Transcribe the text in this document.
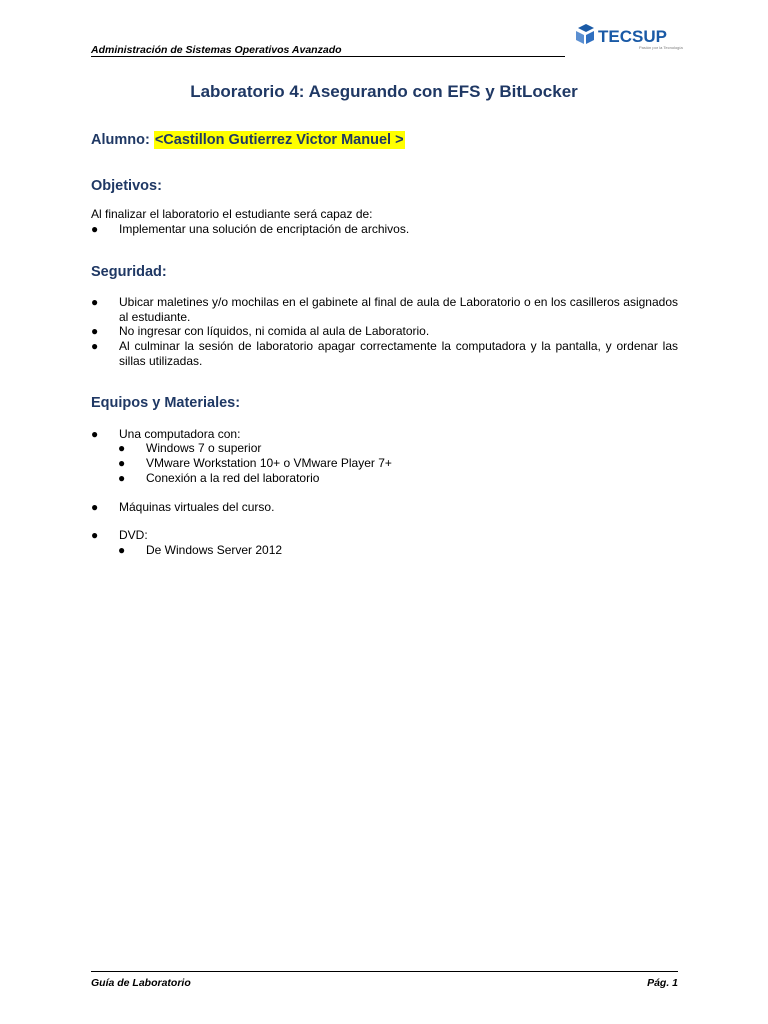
Administración de Sistemas Operativos Avanzado
TECSUP
Pasión por la Tecnología
Laboratorio 4: Asegurando con EFS y BitLocker
Alumno: <Castillon Gutierrez Victor Manuel >
Objetivos:
Al finalizar el laboratorio el estudiante será capaz de:
● Implementar una solución de encriptación de archivos.
Seguridad:
● Ubicar maletines y/o mochilas en el gabinete al final de aula de Laboratorio o en los casilleros asignados al estudiante.
● No ingresar con líquidos, ni comida al aula de Laboratorio.
● Al culminar la sesión de laboratorio apagar correctamente la computadora y la pantalla, y ordenar las sillas utilizadas.
Equipos y Materiales:
● Una computadora con:
● Windows 7 o superior
● VMware Workstation 10+ o VMware Player 7+
● Conexión a la red del laboratorio
● Máquinas virtuales del curso.
● DVD:
● De Windows Server 2012
Guía de Laboratorio	Pág. 1
